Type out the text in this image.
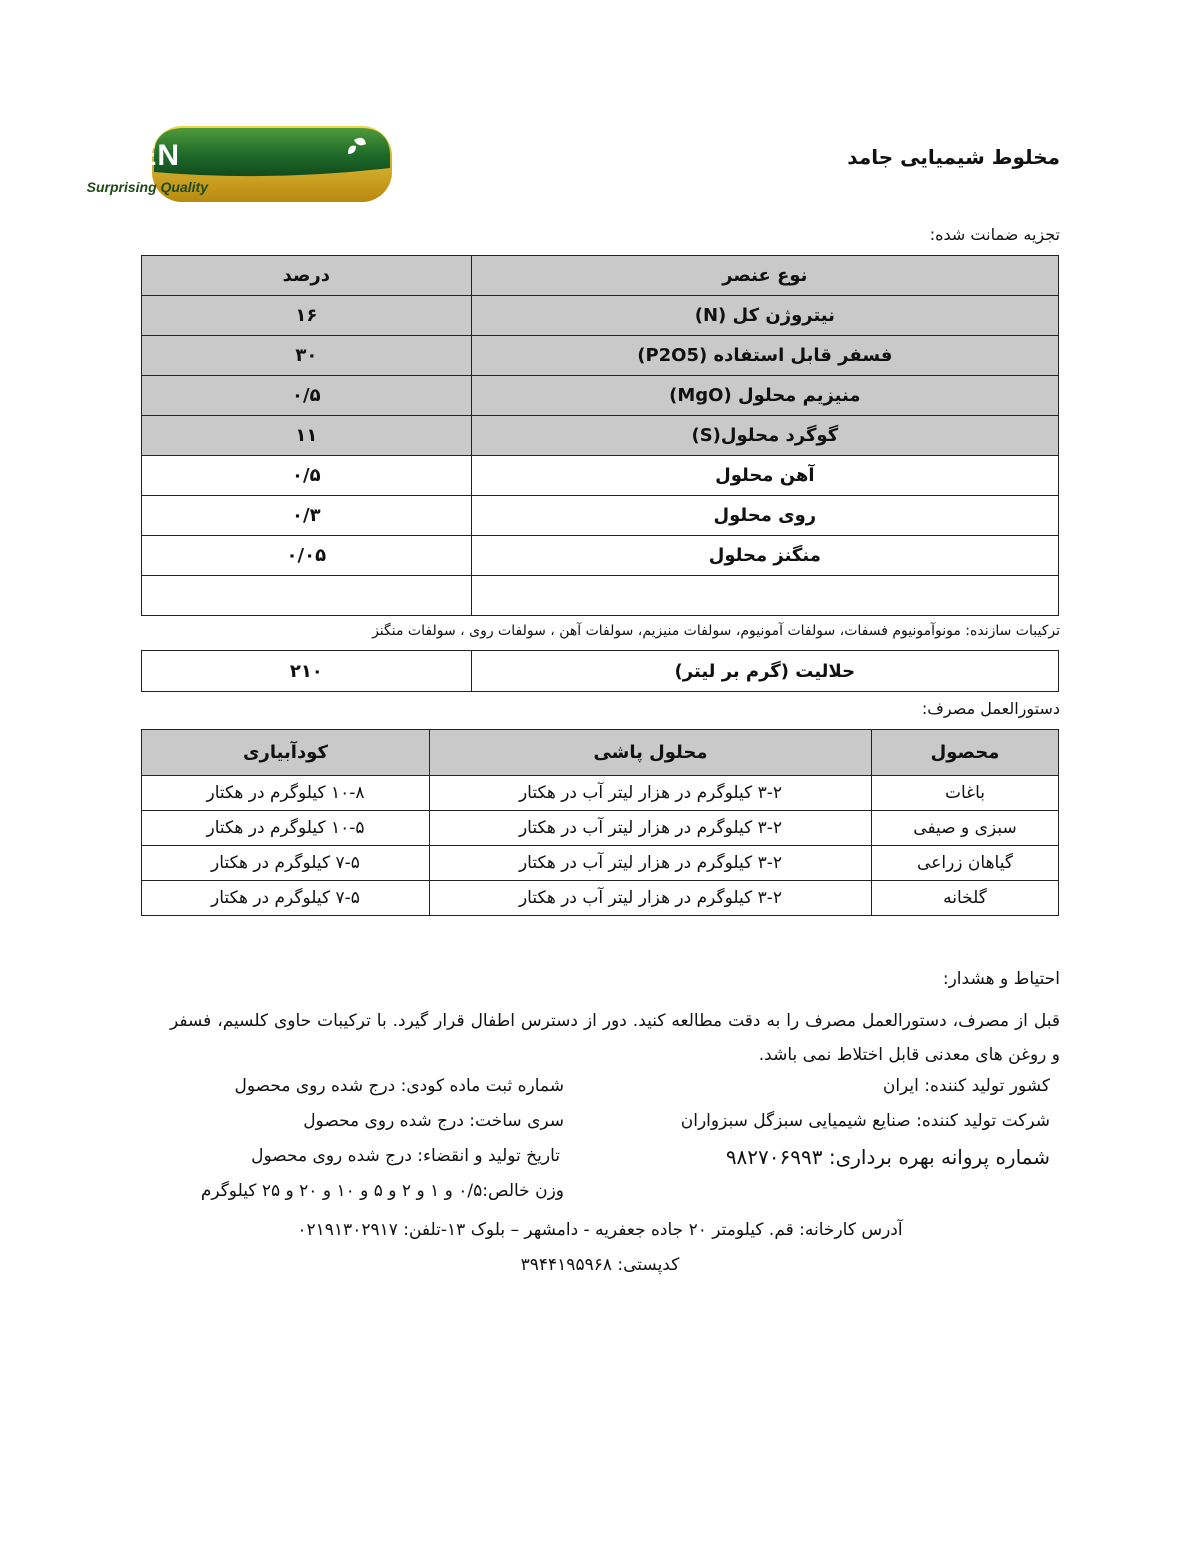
مخلوط شیمیایی جامد
XGREEN
Surprising Quality
تجزیه ضمانت شده:
نوع عنصر	درصد
نیتروژن کل (N)	۱۶
فسفر قابل استفاده (P2O5)	۳۰
منیزیم محلول (MgO)	۰/۵
گوگرد محلول(S)	۱۱
آهن محلول	۰/۵
روی محلول	۰/۳
منگنز محلول	۰/۰۵

ترکیبات سازنده: مونوآمونیوم فسفات، سولفات آمونیوم، سولفات منیزیم، سولفات آهن ، سولفات روی ، سولفات منگنز
حلالیت (گرم بر لیتر)	۲۱۰
دستورالعمل مصرف:
محصول	محلول پاشی	کودآبیاری
باغات	۳-۲ کیلوگرم در هزار لیتر آب در هکتار	۱۰-۸ کیلوگرم در هکتار
سبزی و صیفی	۳-۲ کیلوگرم در هزار لیتر آب در هکتار	۱۰-۵ کیلوگرم در هکتار
گیاهان زراعی	۳-۲ کیلوگرم در هزار لیتر آب در هکتار	۷-۵ کیلوگرم در هکتار
گلخانه	۳-۲ کیلوگرم در هزار لیتر آب در هکتار	۷-۵ کیلوگرم در هکتار
احتیاط و هشدار:
قبل از مصرف، دستورالعمل مصرف را به دقت مطالعه کنید. دور از دسترس اطفال قرار گیرد. با ترکیبات حاوی کلسیم، فسفر و روغن های معدنی قابل اختلاط نمی باشد.
کشور تولید کننده: ایران
شرکت تولید کننده: صنایع شیمیایی سبزگل سبزواران
شماره پروانه بهره برداری: ۹۸۲۷۰۶۹۹۳
شماره ثبت ماده کودی: درج شده روی محصول
سری ساخت: درج شده روی محصول
تاریخ تولید و انقضاء: درج شده روی محصول
وزن خالص:۰/۵ و ۱ و ۲ و ۵ و ۱۰ و ۲۰ و ۲۵ کیلوگرم
آدرس کارخانه: قم. کیلومتر ۲۰ جاده جعفریه - دامشهر – بلوک ۱۳-تلفن: ۰۲۱۹۱۳۰۲۹۱۷
کدپستی: ۳۹۴۴۱۹۵۹۶۸
